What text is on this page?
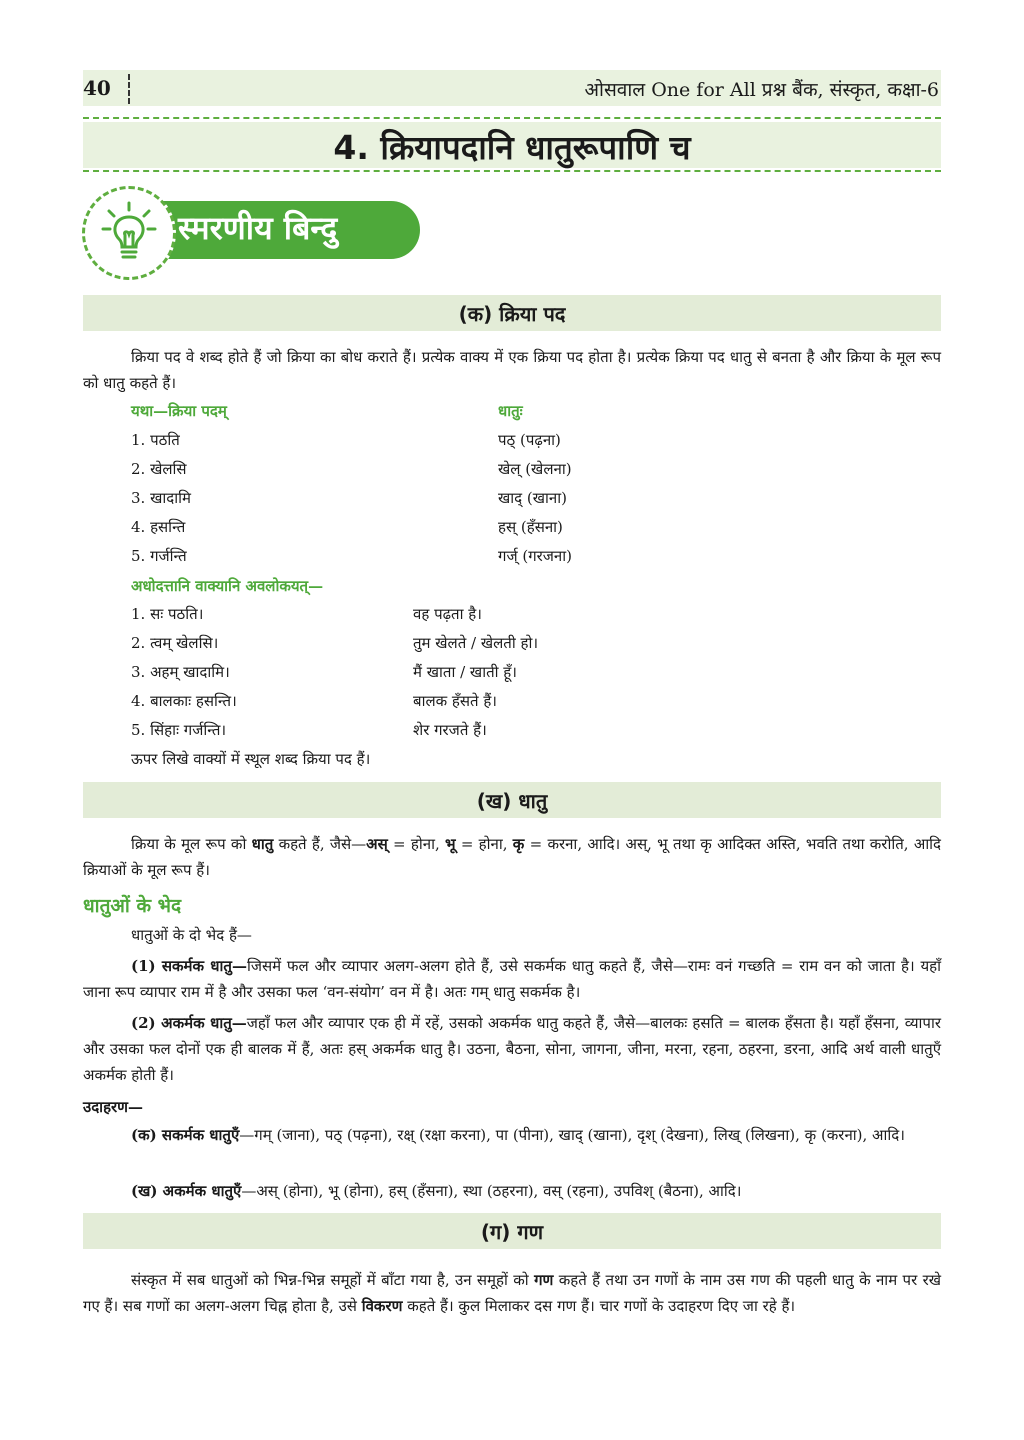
40	ओसवाल One for All प्रश्न बैंक, संस्कृत, कक्षा-6
4. क्रियापदानि धातुरूपाणि च
स्मरणीय बिन्दु
(क) क्रिया पद
क्रिया पद वे शब्द होते हैं जो क्रिया का बोध कराते हैं। प्रत्येक वाक्य में एक क्रिया पद होता है। प्रत्येक क्रिया पद धातु से बनता है और क्रिया के मूल रूप को धातु कहते हैं।
यथा—क्रिया पदम्	धातुः
1. पठति	पठ् (पढ़ना)
2. खेलसि	खेल् (खेलना)
3. खादामि	खाद् (खाना)
4. हसन्ति	हस् (हँसना)
5. गर्जन्ति	गर्ज् (गरजना)
अधोदत्तानि वाक्यानि अवलोकयत्—
1. सः पठति।	वह पढ़ता है।
2. त्वम् खेलसि।	तुम खेलते / खेलती हो।
3. अहम् खादामि।	मैं खाता / खाती हूँ।
4. बालकाः हसन्ति।	बालक हँसते हैं।
5. सिंहाः गर्जन्ति।	शेर गरजते हैं।
ऊपर लिखे वाक्यों में स्थूल शब्द क्रिया पद हैं।
(ख) धातु
क्रिया के मूल रूप को धातु कहते हैं, जैसे—अस् = होना, भू = होना, कृ = करना, आदि। अस्, भू तथा कृ आदिक्त अस्ति, भवति तथा करोति, आदि क्रियाओं के मूल रूप हैं।
धातुओं के भेद
धातुओं के दो भेद हैं—
(1) सकर्मक धातु—जिसमें फल और व्यापार अलग-अलग होते हैं, उसे सकर्मक धातु कहते हैं, जैसे—रामः वनं गच्छति = राम वन को जाता है। यहाँ जाना रूप व्यापार राम में है और उसका फल ‘वन-संयोग’ वन में है। अतः गम् धातु सकर्मक है।
(2) अकर्मक धातु—जहाँ फल और व्यापार एक ही में रहें, उसको अकर्मक धातु कहते हैं, जैसे—बालकः हसति = बालक हँसता है। यहाँ हँसना, व्यापार और उसका फल दोनों एक ही बालक में हैं, अतः हस् अकर्मक धातु है। उठना, बैठना, सोना, जागना, जीना, मरना, रहना, ठहरना, डरना, आदि अर्थ वाली धातुएँ अकर्मक होती हैं।
उदाहरण—
(क) सकर्मक धातुएँ—गम् (जाना), पठ् (पढ़ना), रक्ष् (रक्षा करना), पा (पीना), खाद् (खाना), दृश् (देखना), लिख् (लिखना), कृ (करना), आदि।
(ख) अकर्मक धातुएँ—अस् (होना), भू (होना), हस् (हँसना), स्था (ठहरना), वस् (रहना), उपविश् (बैठना), आदि।
(ग) गण
संस्कृत में सब धातुओं को भिन्न-भिन्न समूहों में बाँटा गया है, उन समूहों को गण कहते हैं तथा उन गणों के नाम उस गण की पहली धातु के नाम पर रखे गए हैं। सब गणों का अलग-अलग चिह्न होता है, उसे विकरण कहते हैं। कुल मिलाकर दस गण हैं। चार गणों के उदाहरण दिए जा रहे हैं।
